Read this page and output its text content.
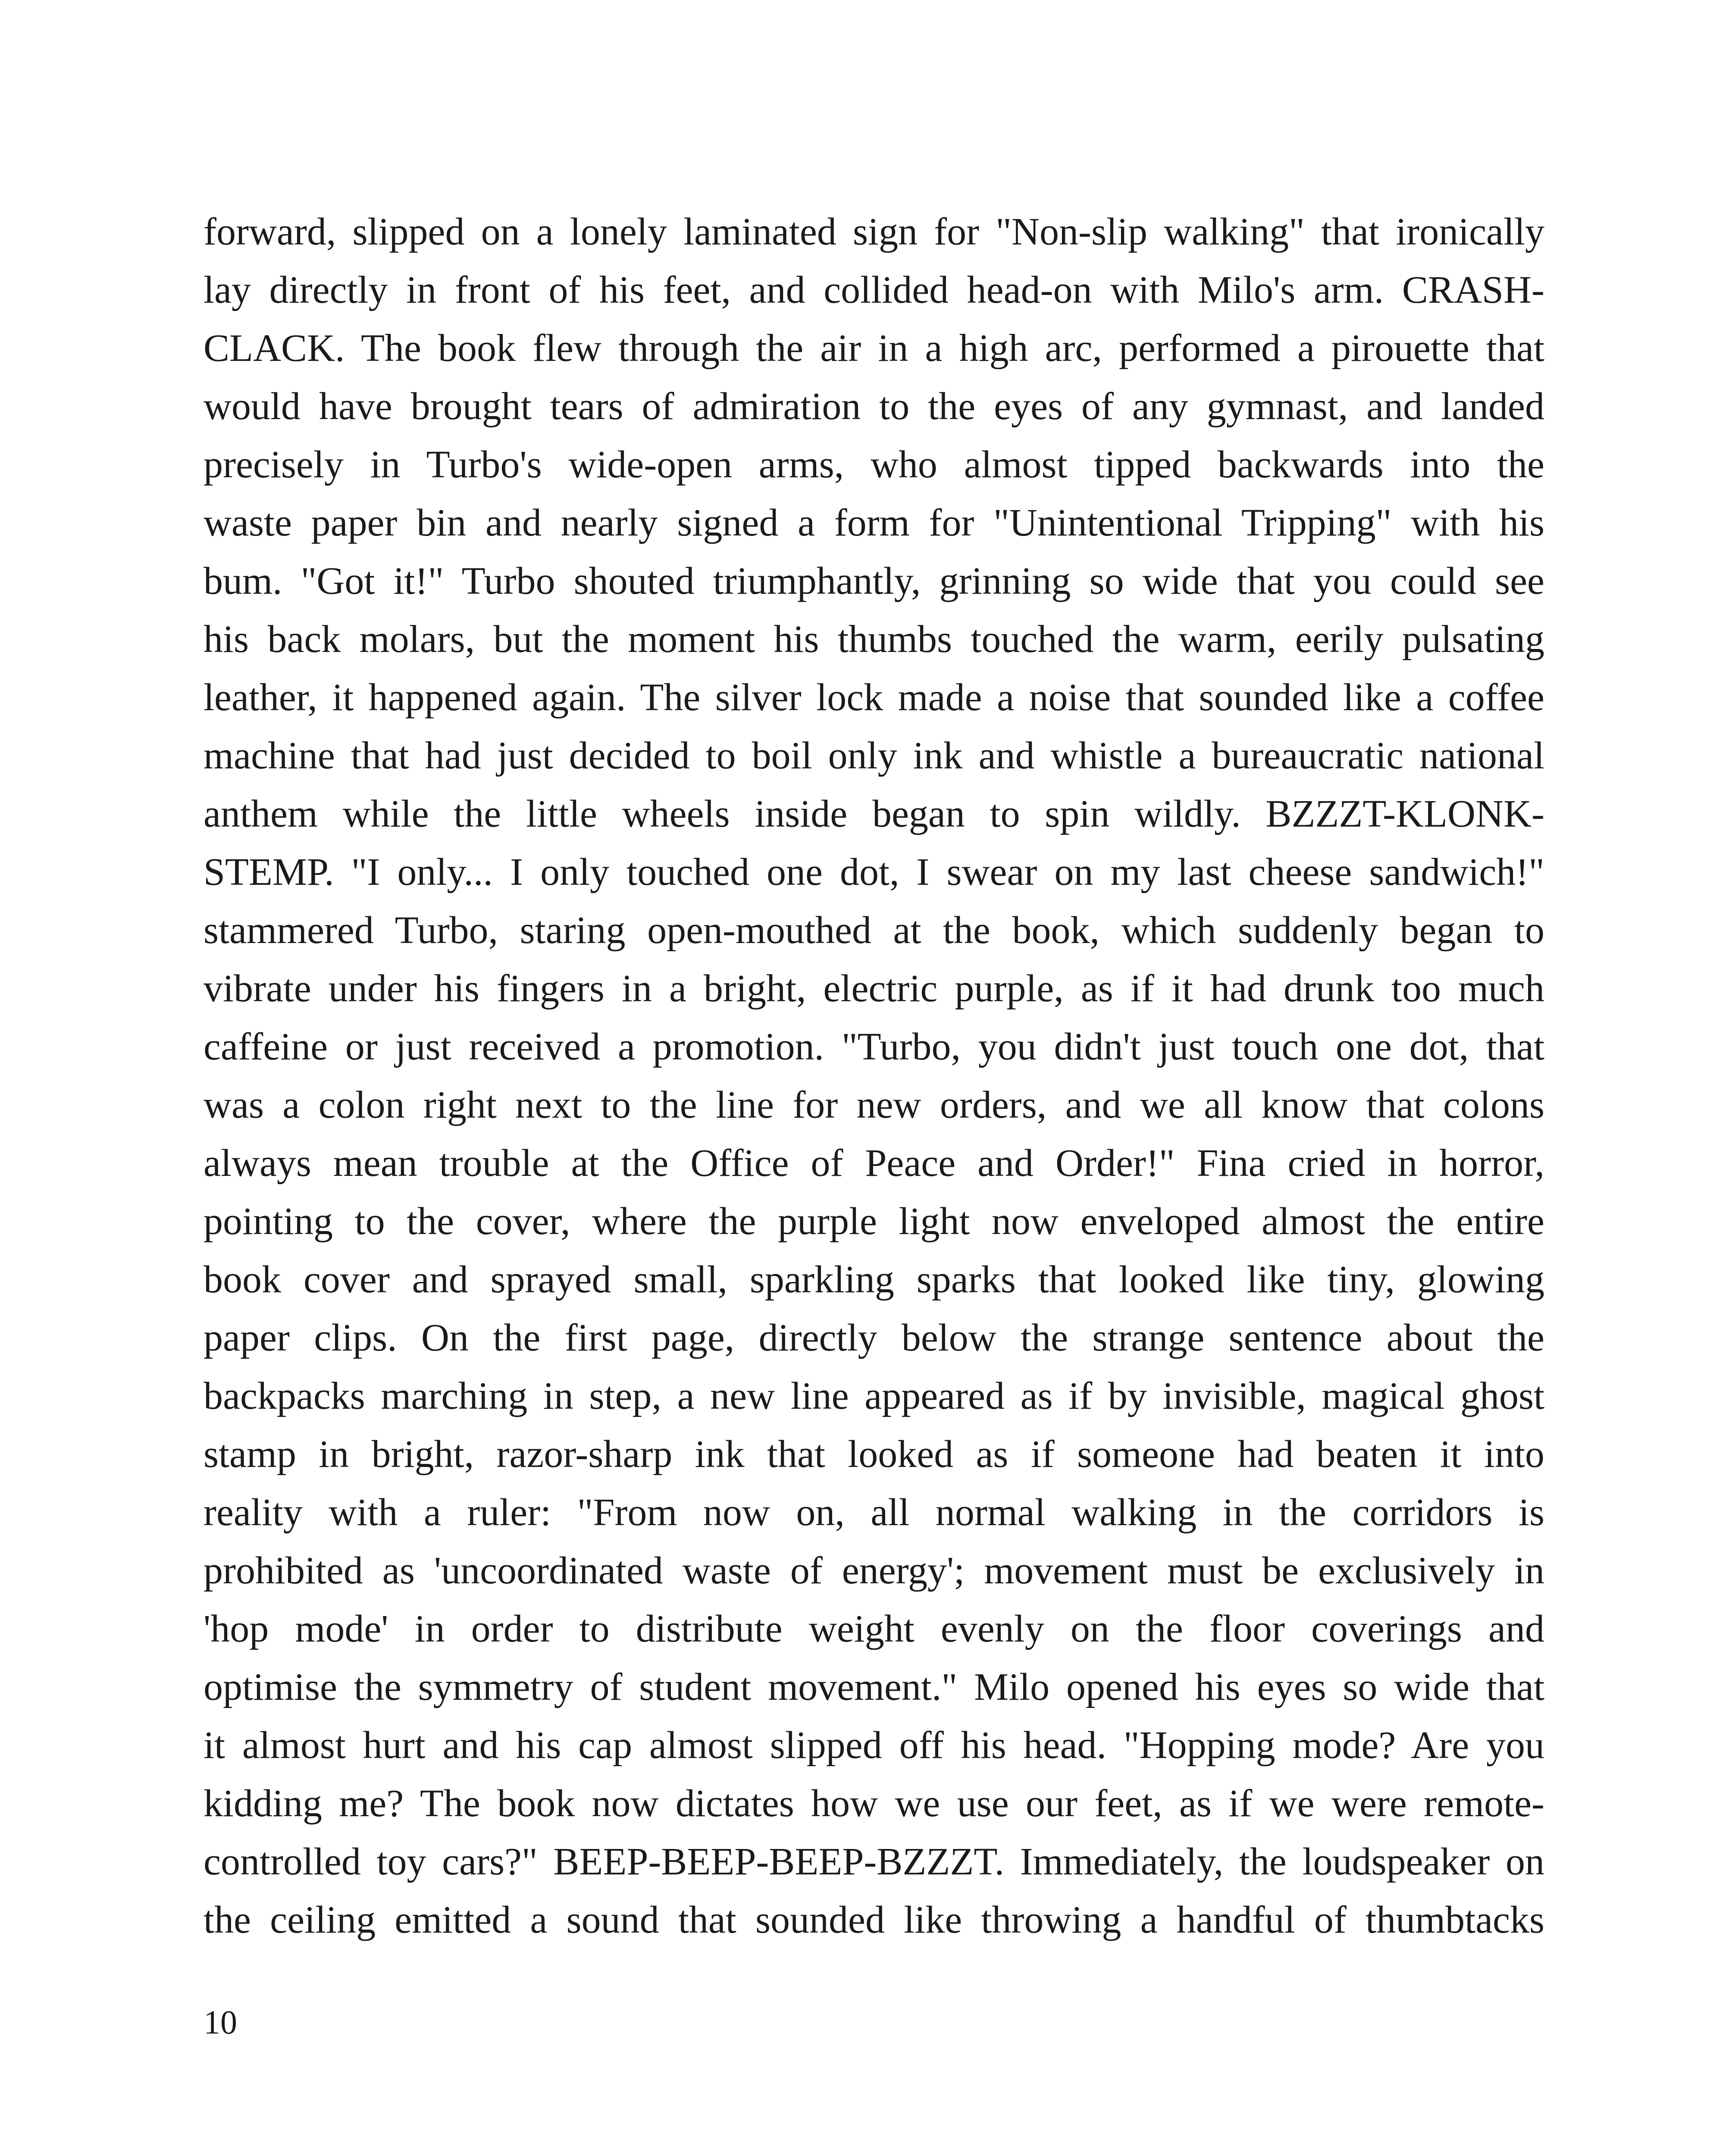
forward, slipped on a lonely laminated sign for "Non-slip walking" that ironically
lay directly in front of his feet, and collided head-on with Milo's arm. CRASH-
CLACK. The book flew through the air in a high arc, performed a pirouette that
would have brought tears of admiration to the eyes of any gymnast, and landed
precisely in Turbo's wide-open arms, who almost tipped backwards into the
waste paper bin and nearly signed a form for "Unintentional Tripping" with his
bum. "Got it!" Turbo shouted triumphantly, grinning so wide that you could see
his back molars, but the moment his thumbs touched the warm, eerily pulsating
leather, it happened again. The silver lock made a noise that sounded like a coffee
machine that had just decided to boil only ink and whistle a bureaucratic national
anthem while the little wheels inside began to spin wildly. BZZZT-KLONK-
STEMP. "I only... I only touched one dot, I swear on my last cheese sandwich!"
stammered Turbo, staring open-mouthed at the book, which suddenly began to
vibrate under his fingers in a bright, electric purple, as if it had drunk too much
caffeine or just received a promotion. "Turbo, you didn't just touch one dot, that
was a colon right next to the line for new orders, and we all know that colons
always mean trouble at the Office of Peace and Order!" Fina cried in horror,
pointing to the cover, where the purple light now enveloped almost the entire
book cover and sprayed small, sparkling sparks that looked like tiny, glowing
paper clips. On the first page, directly below the strange sentence about the
backpacks marching in step, a new line appeared as if by invisible, magical ghost
stamp in bright, razor-sharp ink that looked as if someone had beaten it into
reality with a ruler: "From now on, all normal walking in the corridors is
prohibited as 'uncoordinated waste of energy'; movement must be exclusively in
'hop mode' in order to distribute weight evenly on the floor coverings and
optimise the symmetry of student movement." Milo opened his eyes so wide that
it almost hurt and his cap almost slipped off his head. "Hopping mode? Are you
kidding me? The book now dictates how we use our feet, as if we were remote-
controlled toy cars?" BEEP-BEEP-BEEP-BZZZT. Immediately, the loudspeaker on
the ceiling emitted a sound that sounded like throwing a handful of thumbtacks
10
